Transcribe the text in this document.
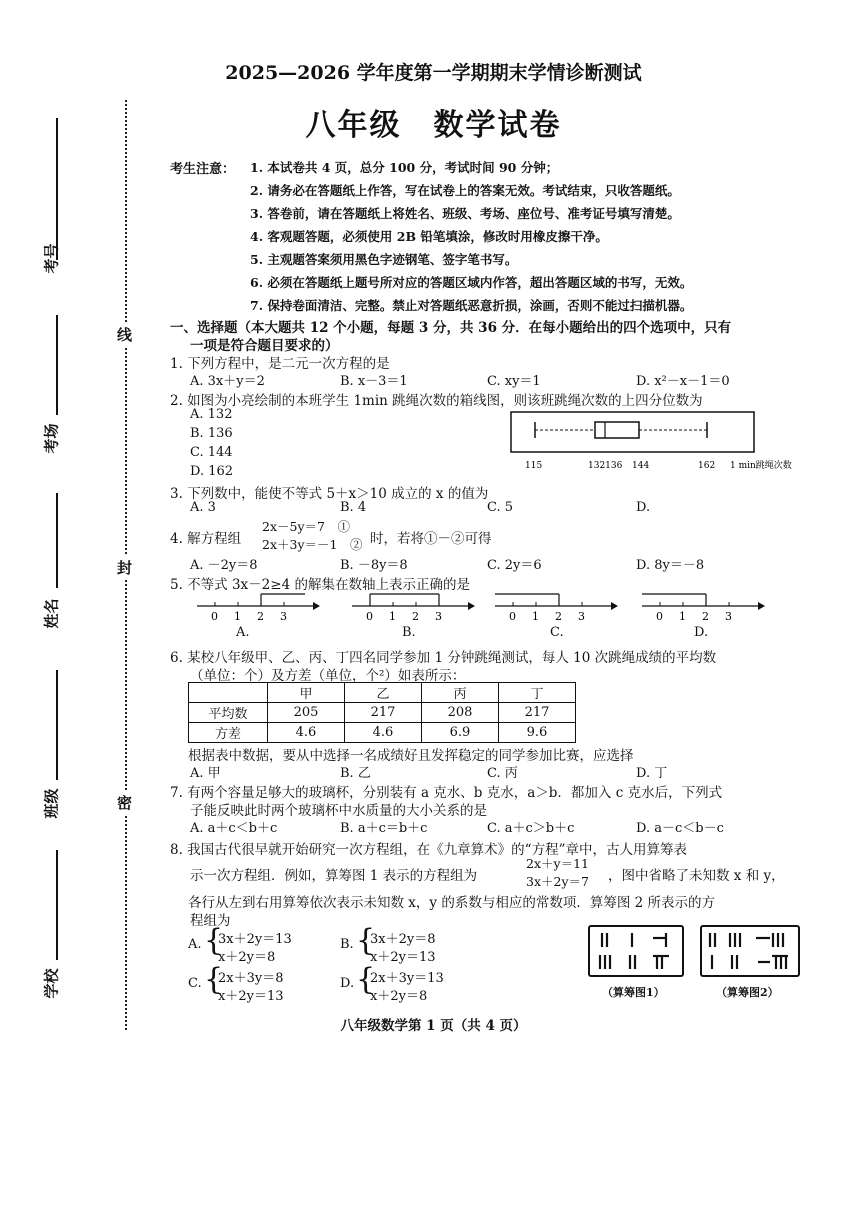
考号
考场
姓名
班级
学校
线
封
密
2025—2026 学年度第一学期期末学情诊断测试
八年级　数学试卷
考生注意： 1. 本试卷共 4 页，总分 100 分，考试时间 90 分钟；
2. 请务必在答题纸上作答，写在试卷上的答案无效。考试结束，只收答题纸。
3. 答卷前，请在答题纸上将姓名、班级、考场、座位号、准考证号填写清楚。
4. 客观题答题，必须使用 2B 铅笔填涂，修改时用橡皮擦干净。
5. 主观题答案须用黑色字迹钢笔、签字笔书写。
6. 必须在答题纸上题号所对应的答题区域内作答，超出答题区域的书写，无效。
7. 保持卷面清洁、完整。禁止对答题纸恶意折损，涂画，否则不能过扫描机器。
一、选择题（本大题共 12 个小题，每题 3 分，共 36 分．在每小题给出的四个选项中，只有
一项是符合题目要求的）
1. 下列方程中，是二元一次方程的是
A. 3x＋y＝2	B. x－3＝1	C. xy＝1	D. x²－x－1＝0
2. 如图为小亮绘制的本班学生 1min 跳绳次数的箱线图，则该班跳绳次数的上四分位数为
A. 132
B. 136
C. 144
D. 162	115	132136 144	162 1 min跳绳次数
3. 下列数中，能使不等式 5＋x＞10 成立的 x 的值为
A. 3	B. 4	C. 5	D.
4. 解方程组
2x－5y＝7　①
2x＋3y＝－1　② 时，若将①－②可得
A. －2y＝8	B. －8y＝8	C. 2y＝6	D. 8y＝－8
5. 不等式 3x－2≥4 的解集在数轴上表示正确的是
0 1 2 3	0 1 2 3	0 1 2 3	0 1 2 3
A.	B.	C.	D.
6. 某校八年级甲、乙、丙、丁四名同学参加 1 分钟跳绳测试，每人 10 次跳绳成绩的平均数
（单位：个）及方差（单位，个²）如表所示：
	甲	乙	丙	丁
平均数	205	217	208	217
方差	4.6	4.6	6.9	9.6
根据表中数据，要从中选择一名成绩好且发挥稳定的同学参加比赛，应选择
A. 甲	B. 乙	C. 丙	D. 丁
7. 有两个容量足够大的玻璃杯，分别装有 a 克水、b 克水，a＞b．都加入 c 克水后，下列式
子能反映此时两个玻璃杯中水质量的大小关系的是
A. a＋c＜b＋c	B. a＋c＝b＋c	C. a＋c＞b＋c	D. a－c＜b－c
8. 我国古代很早就开始研究一次方程组，在《九章算术》的“方程”章中，古人用算筹表
示一次方程组．例如，算筹图 1 表示的方程组为
2x＋y＝11
3x＋2y＝7 ，图中省略了未知数 x 和 y，
各行从左到右用算筹依次表示未知数 x，y 的系数与相应的常数项．算筹图 2 所表示的方
程组为
A. {
3x＋2y＝13
x＋2y＝8
B. {
3x＋2y＝8
x＋2y＝13
C. {
2x＋3y＝8
x＋2y＝13
D. {
2x＋3y＝13
x＋2y＝8	（算筹图1）	（算筹图2）
八年级数学第 1 页（共 4 页）
